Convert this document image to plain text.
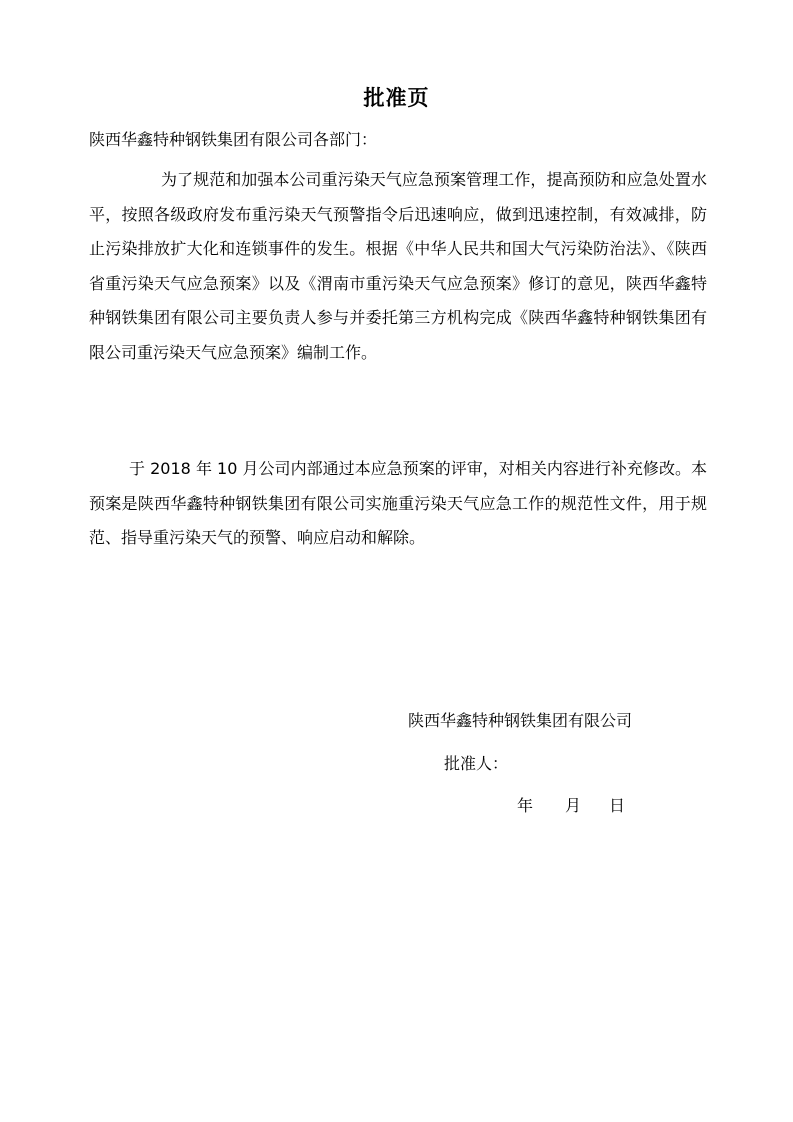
批准页
陕西华鑫特种钢铁集团有限公司各部门：

为了规范和加强本公司重污染天气应急预案管理工作，提高预防和应急处置水平，按照各级政府发布重污染天气预警指令后迅速响应，做到迅速控制，有效减排，防止污染排放扩大化和连锁事件的发生。根据《中华人民共和国大气污染防治法》、《陕西省重污染天气应急预案》以及《渭南市重污染天气应急预案》修订的意见，陕西华鑫特种钢铁集团有限公司主要负责人参与并委托第三方机构完成《陕西华鑫特种钢铁集团有限公司重污染天气应急预案》编制工作。

于 2018 年 10 月公司内部通过本应急预案的评审，对相关内容进行补充修改。本预案是陕西华鑫特种钢铁集团有限公司实施重污染天气应急工作的规范性文件，用于规范、指导重污染天气的预警、响应启动和解除。

陕西华鑫特种钢铁集团有限公司
批准人：
年 月 日
